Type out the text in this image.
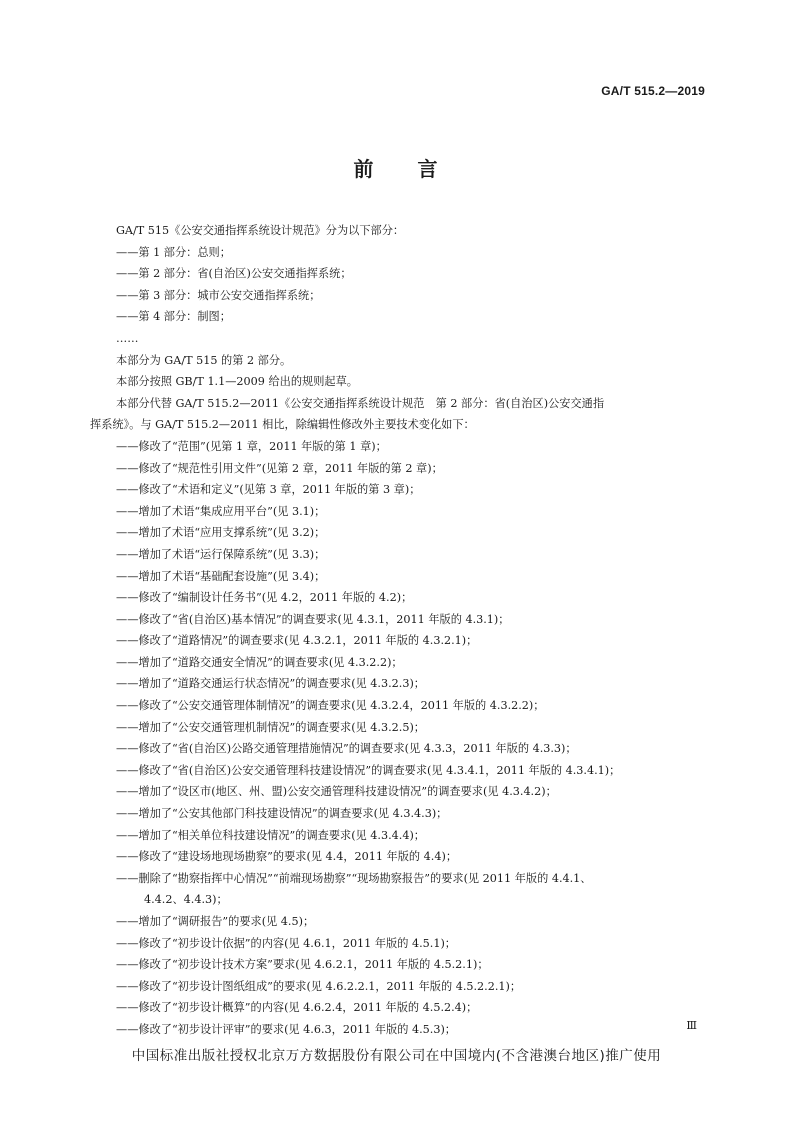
GA/T 515.2—2019
前 言
GA/T 515《公安交通指挥系统设计规范》分为以下部分：
——第 1 部分：总则；
——第 2 部分：省(自治区)公安交通指挥系统；
——第 3 部分：城市公安交通指挥系统；
——第 4 部分：制图；
……
本部分为 GA/T 515 的第 2 部分。
本部分按照 GB/T 1.1—2009 给出的规则起草。
本部分代替 GA/T 515.2—2011《公安交通指挥系统设计规范　第 2 部分：省(自治区)公安交通指
挥系统》。与 GA/T 515.2—2011 相比，除编辑性修改外主要技术变化如下：
——修改了“范围”(见第 1 章，2011 年版的第 1 章)；
——修改了“规范性引用文件”(见第 2 章，2011 年版的第 2 章)；
——修改了“术语和定义”(见第 3 章，2011 年版的第 3 章)；
——增加了术语“集成应用平台”(见 3.1)；
——增加了术语“应用支撑系统”(见 3.2)；
——增加了术语“运行保障系统”(见 3.3)；
——增加了术语“基础配套设施”(见 3.4)；
——修改了“编制设计任务书”(见 4.2，2011 年版的 4.2)；
——修改了“省(自治区)基本情况”的调查要求(见 4.3.1，2011 年版的 4.3.1)；
——修改了“道路情况”的调查要求(见 4.3.2.1，2011 年版的 4.3.2.1)；
——增加了“道路交通安全情况”的调查要求(见 4.3.2.2)；
——增加了“道路交通运行状态情况”的调查要求(见 4.3.2.3)；
——修改了“公安交通管理体制情况”的调查要求(见 4.3.2.4，2011 年版的 4.3.2.2)；
——增加了“公安交通管理机制情况”的调查要求(见 4.3.2.5)；
——修改了“省(自治区)公路交通管理措施情况”的调查要求(见 4.3.3，2011 年版的 4.3.3)；
——修改了“省(自治区)公安交通管理科技建设情况”的调查要求(见 4.3.4.1，2011 年版的 4.3.4.1)；
——增加了“设区市(地区、州、盟)公安交通管理科技建设情况”的调查要求(见 4.3.4.2)；
——增加了“公安其他部门科技建设情况”的调查要求(见 4.3.4.3)；
——增加了“相关单位科技建设情况”的调查要求(见 4.3.4.4)；
——修改了“建设场地现场勘察”的要求(见 4.4，2011 年版的 4.4)；
——删除了“勘察指挥中心情况”“前端现场勘察”“现场勘察报告”的要求(见 2011 年版的 4.4.1、
4.4.2、4.4.3)；
——增加了“调研报告”的要求(见 4.5)；
——修改了“初步设计依据”的内容(见 4.6.1，2011 年版的 4.5.1)；
——修改了“初步设计技术方案”要求(见 4.6.2.1，2011 年版的 4.5.2.1)；
——修改了“初步设计图纸组成”的要求(见 4.6.2.2.1，2011 年版的 4.5.2.2.1)；
——修改了“初步设计概算”的内容(见 4.6.2.4，2011 年版的 4.5.2.4)；
——修改了“初步设计评审”的要求(见 4.6.3，2011 年版的 4.5.3)；	Ⅲ
中国标准出版社授权北京万方数据股份有限公司在中国境内(不含港澳台地区)推广使用
